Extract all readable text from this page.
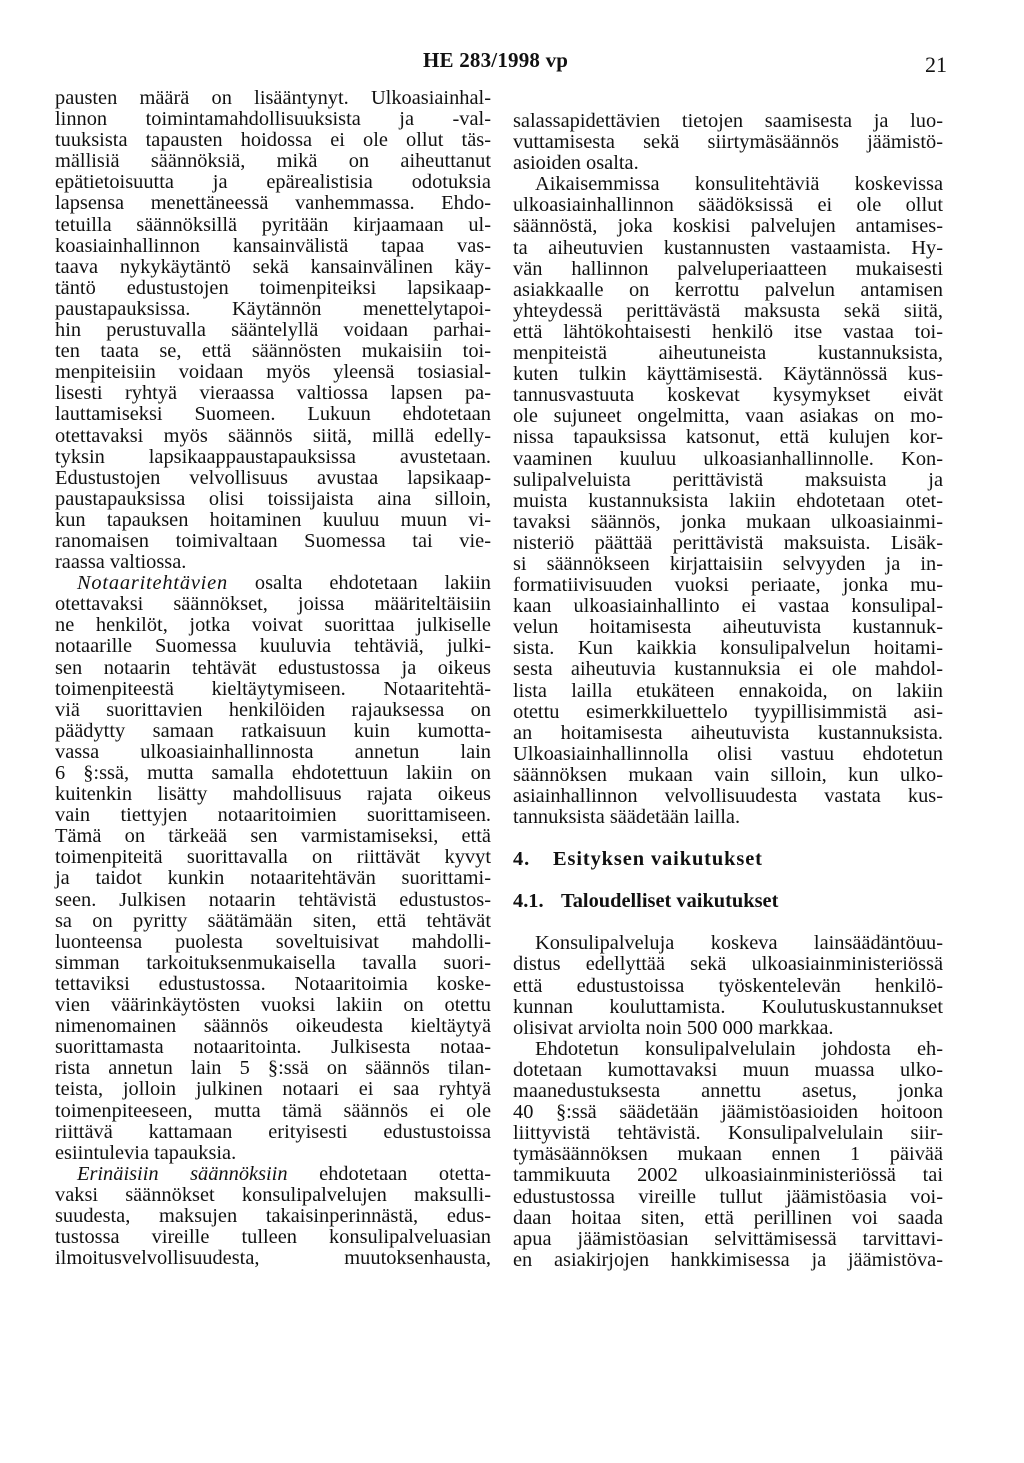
HE 283/1998 vp	21
pausten määrä on lisääntynyt. Ulkoasiainhal-
linnon toimintamahdollisuuksista ja -val-
tuuksista tapausten hoidossa ei ole ollut täs-
mällisiä säännöksiä, mikä on aiheuttanut
epätietoisuutta ja epärealistisia odotuksia
lapsensa menettäneessä vanhemmassa. Ehdo-
tetuilla säännöksillä pyritään kirjaamaan ul-
koasiainhallinnon kansainvälistä tapaa vas-
taava nykykäytäntö sekä kansainvälinen käy-
täntö edustustojen toimenpiteiksi lapsikaap-
paustapauksissa. Käytännön menettelytapoi-
hin perustuvalla sääntelyllä voidaan parhai-
ten taata se, että säännösten mukaisiin toi-
menpiteisiin voidaan myös yleensä tosiasial-
lisesti ryhtyä vieraassa valtiossa lapsen pa-
lauttamiseksi Suomeen. Lukuun ehdotetaan
otettavaksi myös säännös siitä, millä edelly-
tyksin lapsikaappaustapauksissa avustetaan.
Edustustojen velvollisuus avustaa lapsikaap-
paustapauksissa olisi toissijaista aina silloin,
kun tapauksen hoitaminen kuuluu muun vi-
ranomaisen toimivaltaan Suomessa tai vie-
raassa valtiossa.
Notaaritehtävien osalta ehdotetaan lakiin
otettavaksi säännökset, joissa määriteltäisiin
ne henkilöt, jotka voivat suorittaa julkiselle
notaarille Suomessa kuuluvia tehtäviä, julki-
sen notaarin tehtävät edustustossa ja oikeus
toimenpiteestä kieltäytymiseen. Notaaritehtä-
viä suorittavien henkilöiden rajauksessa on
päädytty samaan ratkaisuun kuin kumotta-
vassa ulkoasiainhallinnosta annetun lain
6 §:ssä, mutta samalla ehdotettuun lakiin on
kuitenkin lisätty mahdollisuus rajata oikeus
vain tiettyjen notaaritoimien suorittamiseen.
Tämä on tärkeää sen varmistamiseksi, että
toimenpiteitä suorittavalla on riittävät kyvyt
ja taidot kunkin notaaritehtävän suorittami-
seen. Julkisen notaarin tehtävistä edustustos-
sa on pyritty säätämään siten, että tehtävät
luonteensa puolesta soveltuisivat mahdolli-
simman tarkoituksenmukaisella tavalla suori-
tettaviksi edustustossa. Notaaritoimia koske-
vien väärinkäytösten vuoksi lakiin on otettu
nimenomainen säännös oikeudesta kieltäytyä
suorittamasta notaaritointa. Julkisesta notaa-
rista annetun lain 5 §:ssä on säännös tilan-
teista, jolloin julkinen notaari ei saa ryhtyä
toimenpiteeseen, mutta tämä säännös ei ole
riittävä kattamaan erityisesti edustustoissa
esiintulevia tapauksia.
Erinäisiin säännöksiin ehdotetaan otetta-
vaksi säännökset konsulipalvelujen maksulli-
suudesta, maksujen takaisinperinnästä, edus-
tustossa vireille tulleen konsulipalveluasian
ilmoitusvelvollisuudesta, muutoksenhausta,
salassapidettävien tietojen saamisesta ja luo-
vuttamisesta sekä siirtymäsäännös jäämistö-
asioiden osalta.
Aikaisemmissa konsulitehtäviä koskevissa
ulkoasiainhallinnon säädöksissä ei ole ollut
säännöstä, joka koskisi palvelujen antamises-
ta aiheutuvien kustannusten vastaamista. Hy-
vän hallinnon palveluperiaatteen mukaisesti
asiakkaalle on kerrottu palvelun antamisen
yhteydessä perittävästä maksusta sekä siitä,
että lähtökohtaisesti henkilö itse vastaa toi-
menpiteistä aiheutuneista kustannuksista,
kuten tulkin käyttämisestä. Käytännössä kus-
tannusvastuuta koskevat kysymykset eivät
ole sujuneet ongelmitta, vaan asiakas on mo-
nissa tapauksissa katsonut, että kulujen kor-
vaaminen kuuluu ulkoasianhallinnolle. Kon-
sulipalveluista perittävistä maksuista ja
muista kustannuksista lakiin ehdotetaan otet-
tavaksi säännös, jonka mukaan ulkoasiainmi-
nisteriö päättää perittävistä maksuista. Lisäk-
si säännökseen kirjattaisiin selvyyden ja in-
formatiivisuuden vuoksi periaate, jonka mu-
kaan ulkoasiainhallinto ei vastaa konsulipal-
velun hoitamisesta aiheutuvista kustannuk-
sista. Kun kaikkia konsulipalvelun hoitami-
sesta aiheutuvia kustannuksia ei ole mahdol-
lista laillа etukäteen ennakoida, on lakiin
otettu esimerkkiluettelo tyypillisimmistä asi-
an hoitamisesta aiheutuvista kustannuksista.
Ulkoasiainhallinnolla olisi vastuu ehdotetun
säännöksen mukaan vain silloin, kun ulko-
asiainhallinnon velvollisuudesta vastata kus-
tannuksista säädetään lailla.
4. Esityksen vaikutukset
4.1. Taloudelliset vaikutukset
Konsulipalveluja koskeva lainsäädäntöuu-
distus edellyttää sekä ulkoasiainministeriössä
että edustustoissa työskentelevän henkilö-
kunnan kouluttamista. Koulutuskustannukset
olisivat arviolta noin 500 000 markkaa.
Ehdotetun konsulipalvelulain johdosta eh-
dotetaan kumottavaksi muun muassa ulko-
maanedustuksesta annettu asetus, jonka
40 §:ssä säädetään jäämistöasioiden hoitoon
liittyvistä tehtävistä. Konsulipalvelulain siir-
tymäsäännöksen mukaan ennen 1 päivää
tammikuuta 2002 ulkoasiainministeriössä tai
edustustossa vireille tullut jäämistöasia voi-
daan hoitaa siten, että perillinen voi saada
apua jäämistöasian selvittämisessä tarvittavi-
en asiakirjojen hankkimisessa ja jäämistöva-
